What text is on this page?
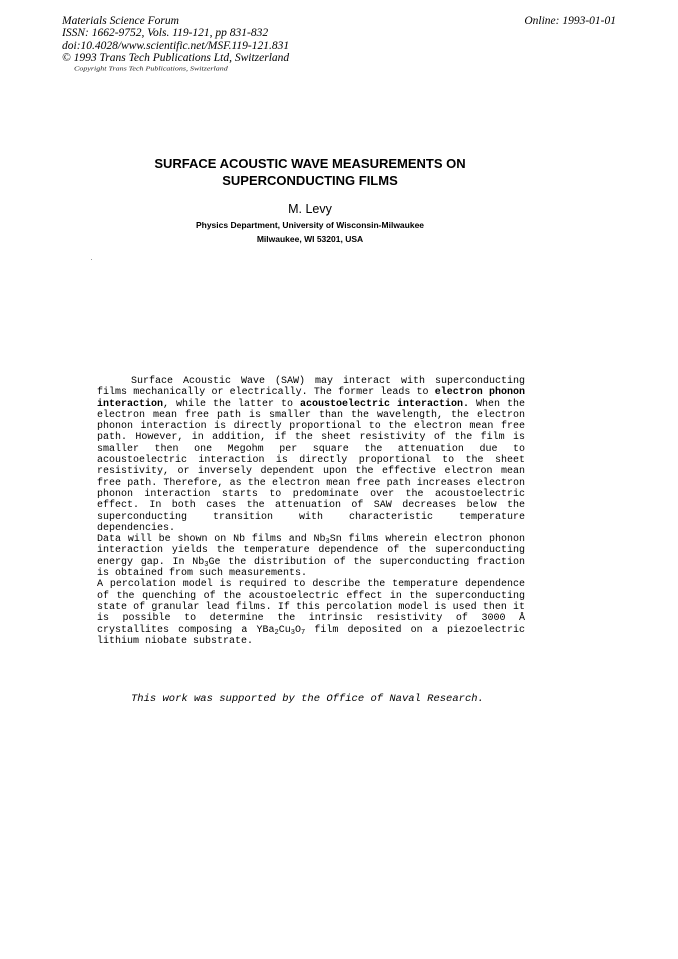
Materials Science Forum
ISSN: 1662-9752, Vols. 119-121, pp 831-832
doi:10.4028/www.scientific.net/MSF.119-121.831
© 1993 Trans Tech Publications Ltd, Switzerland
Copyright Trans Tech Publications, Switzerland
Online: 1993-01-01
SURFACE ACOUSTIC WAVE MEASUREMENTS ON
SUPERCONDUCTING FILMS
M. Levy
Physics Department, University of Wisconsin-Milwaukee
Milwaukee, WI 53201, USA

Surface Acoustic Wave (SAW) may interact with superconducting films mechanically or electrically. The former leads to electron phonon interaction, while the latter to acoustoelectric interaction. When the electron mean free path is smaller than the wavelength, the electron phonon interaction is directly proportional to the electron mean free path. However, in addition, if the sheet resistivity of the film is smaller then one Megohm per square the attenuation due to acoustoelectric interaction is directly proportional to the sheet resistivity, or inversely dependent upon the effective electron mean free path. Therefore, as the electron mean free path increases electron phonon interaction starts to predominate over the acoustoelectric effect. In both cases the attenuation of SAW decreases below the superconducting transition with characteristic temperature dependencies.

Data will be shown on Nb films and $Nb_3Sn$ films wherein electron phonon interaction yields the temperature dependence of the superconducting energy gap. In $Nb_3Ge$ the distribution of the superconducting fraction is obtained from such measurements.

A percolation model is required to describe the temperature dependence of the quenching of the acoustoelectric effect in the superconducting state of granular lead films. If this percolation model is used then it is possible to determine the intrinsic resistivity of 3000 Å crystallites composing a $YBa_2Cu_3O_7$ film deposited on a piezoelectric lithium niobate substrate.

This work was supported by the Office of Naval Research.
